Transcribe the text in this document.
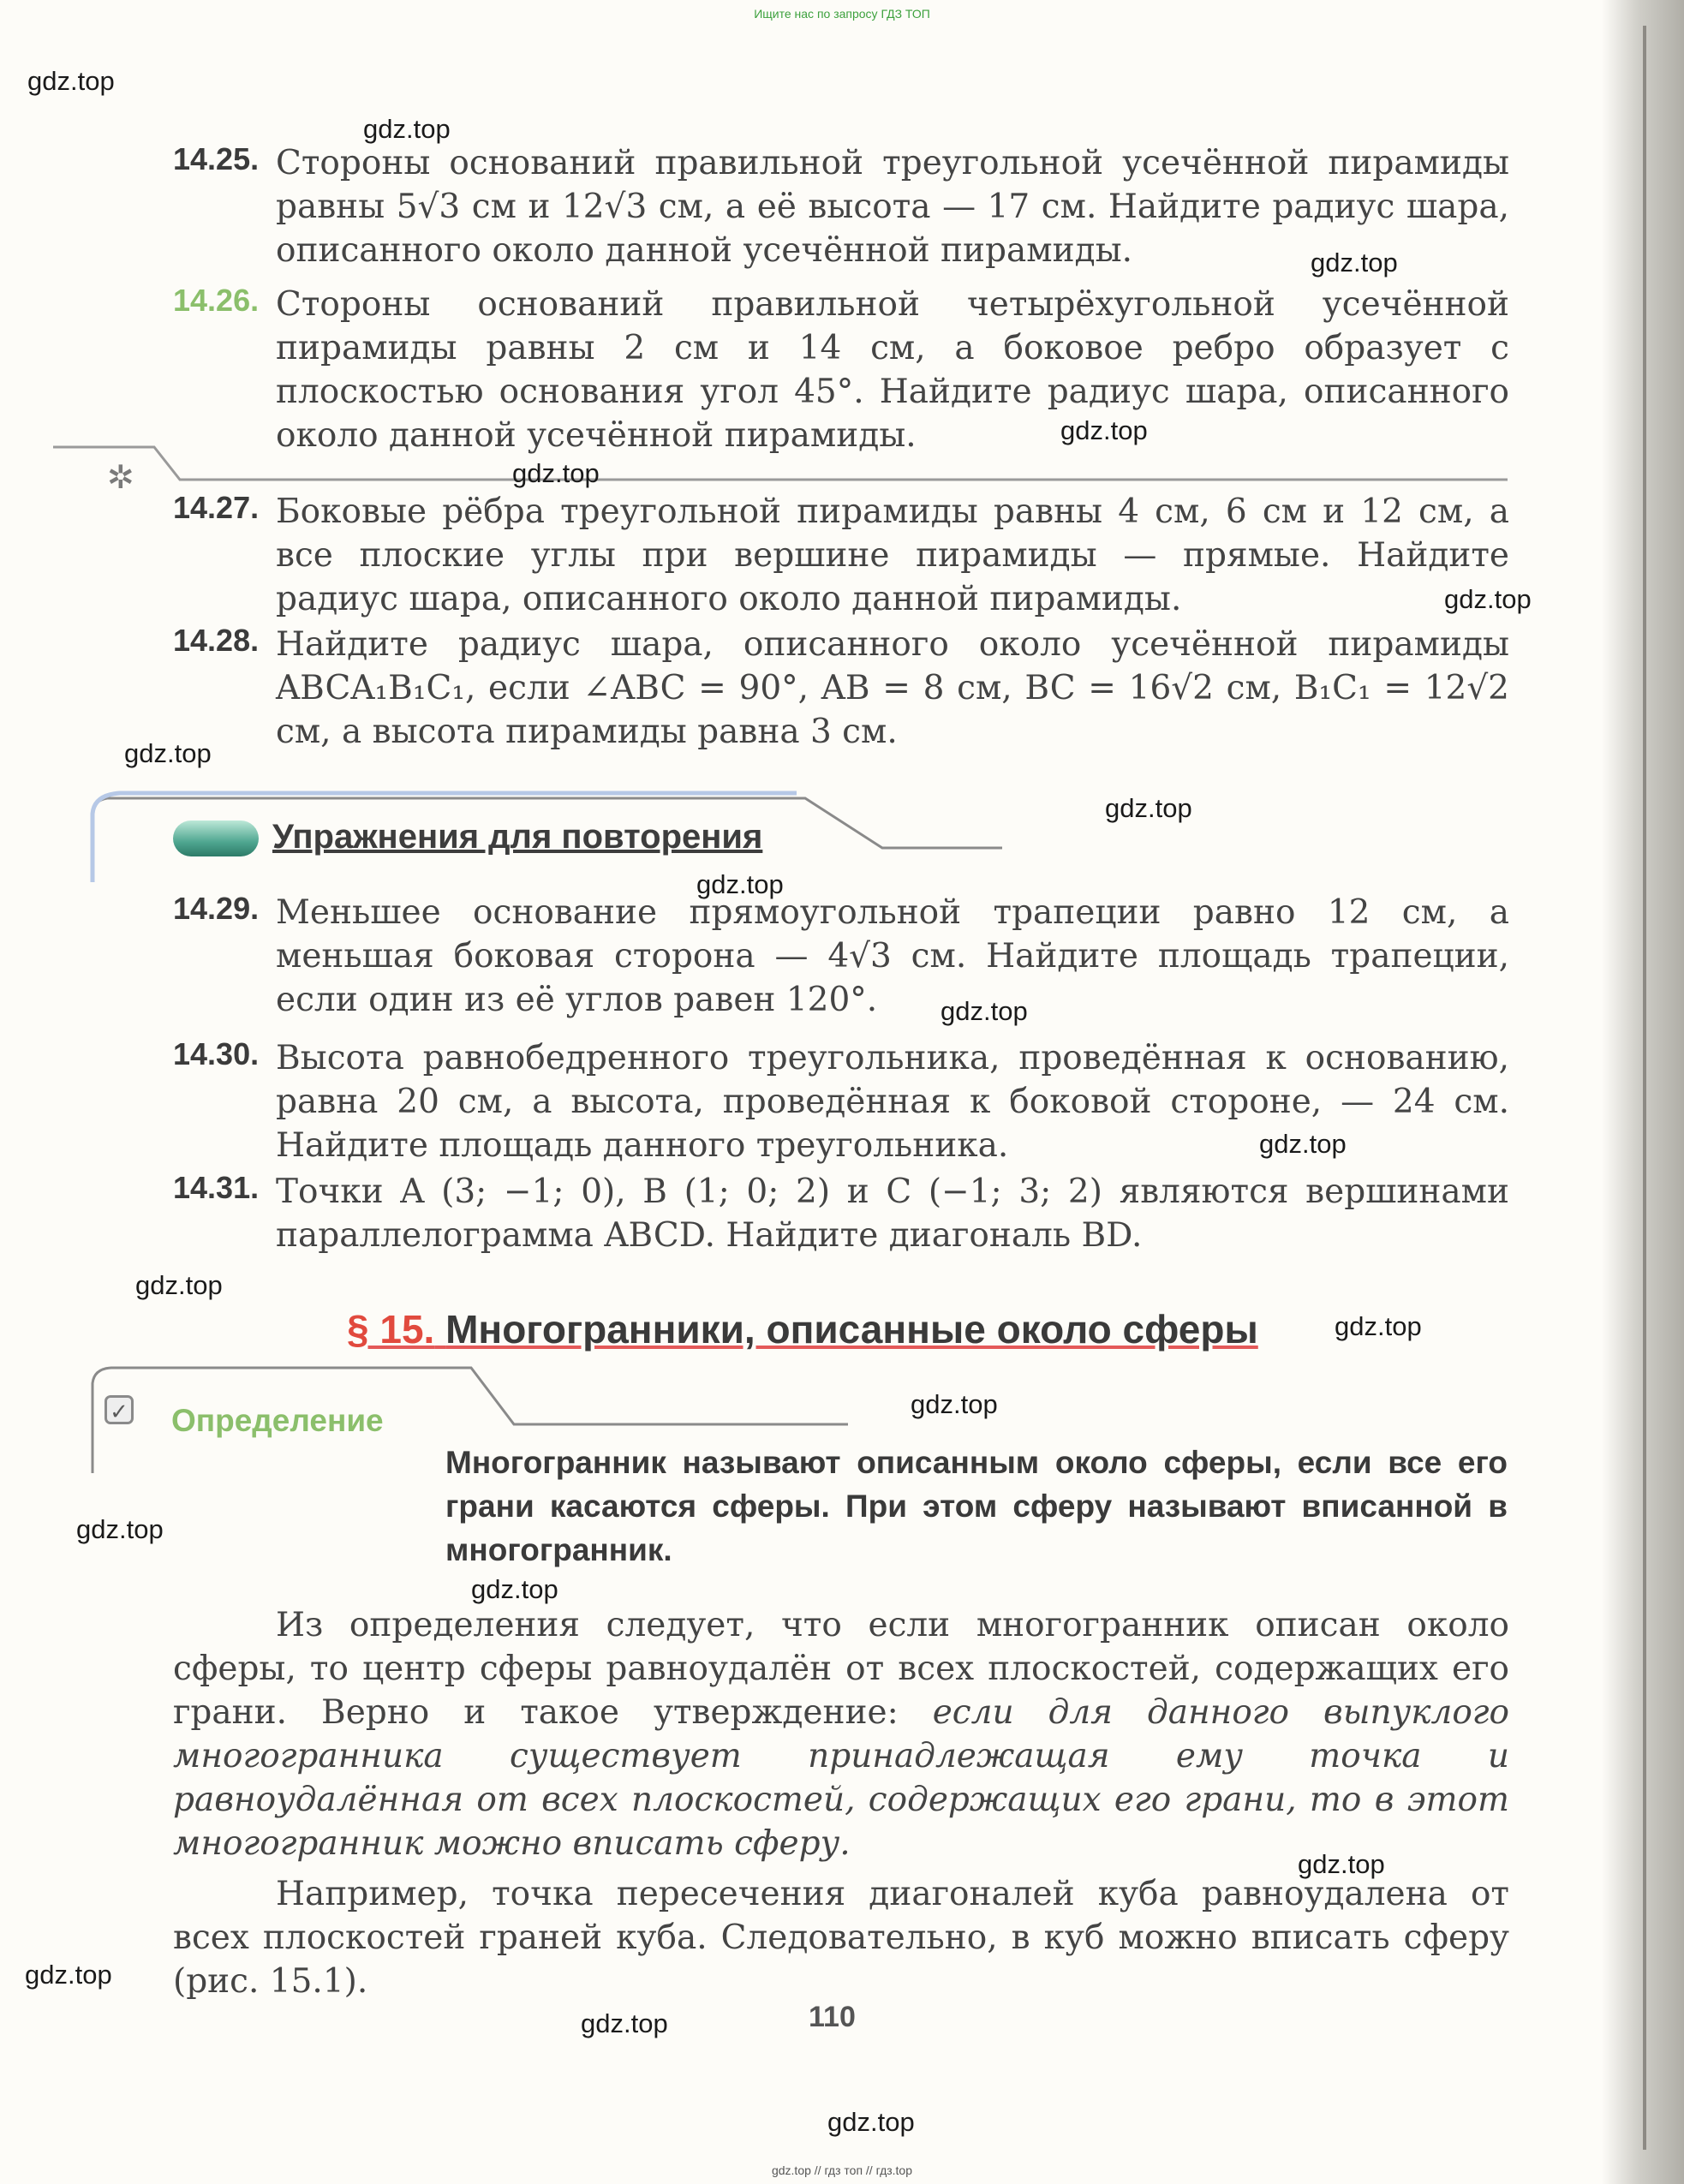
Ищите нас по запросу ГДЗ ТОП
✲
gdz.top
gdz.top
gdz.top
gdz.top
gdz.top
gdz.top
gdz.top
gdz.top
gdz.top
gdz.top
gdz.top
gdz.top
gdz.top
gdz.top
gdz.top
gdz.top
gdz.top
gdz.top
gdz.top
gdz.top
14.25. Стороны оснований правильной треугольной усечённой пирамиды равны 5√3 см и 12√3 см, а её высота — 17 см. Найдите радиус шара, описанного около данной усечённой пирамиды.
14.26. Стороны оснований правильной четырёхугольной усечённой пирамиды равны 2 см и 14 см, а боковое ребро образует с плоскостью основания угол 45°. Найдите радиус шара, описанного около данной усечённой пирамиды.
14.27. Боковые рёбра треугольной пирамиды равны 4 см, 6 см и 12 см, а все плоские углы при вершине пирамиды — прямые. Найдите радиус шара, описанного около данной пирамиды.
14.28. Найдите радиус шара, описанного около усечённой пирамиды ABCA₁B₁C₁, если ∠ABC = 90°, AB = 8 см, BC = 16√2 см, B₁C₁ = 12√2 см, а высота пирамиды равна 3 см.
Упражнения для повторения
14.29. Меньшее основание прямоугольной трапеции равно 12 см, а меньшая боковая сторона — 4√3 см. Найдите площадь трапеции, если один из её углов равен 120°.
14.30. Высота равнобедренного треугольника, проведённая к основанию, равна 20 см, а высота, проведённая к боковой стороне, — 24 см. Найдите площадь данного треугольника.
14.31. Точки A (3; −1; 0), B (1; 0; 2) и C (−1; 3; 2) являются вершинами параллелограмма ABCD. Найдите диагональ BD.
§ 15. Многогранники, описанные около сферы
✓ Определение
Многогранник называют описанным около сферы, если все его грани касаются сферы. При этом сферу называют вписанной в многогранник.
Из определения следует, что если многогранник описан около сферы, то центр сферы равноудалён от всех плоскостей, содержащих его грани. Верно и такое утверждение: если для данного выпуклого многогранника существует принадлежащая ему точка и равноудалённая от всех плоскостей, содержащих его грани, то в этот многогранник можно вписать сферу.
Например, точка пересечения диагоналей куба равноудалена от всех плоскостей граней куба. Следовательно, в куб можно вписать сферу (рис. 15.1).
110
gdz.top // гдз топ // гдз.top
